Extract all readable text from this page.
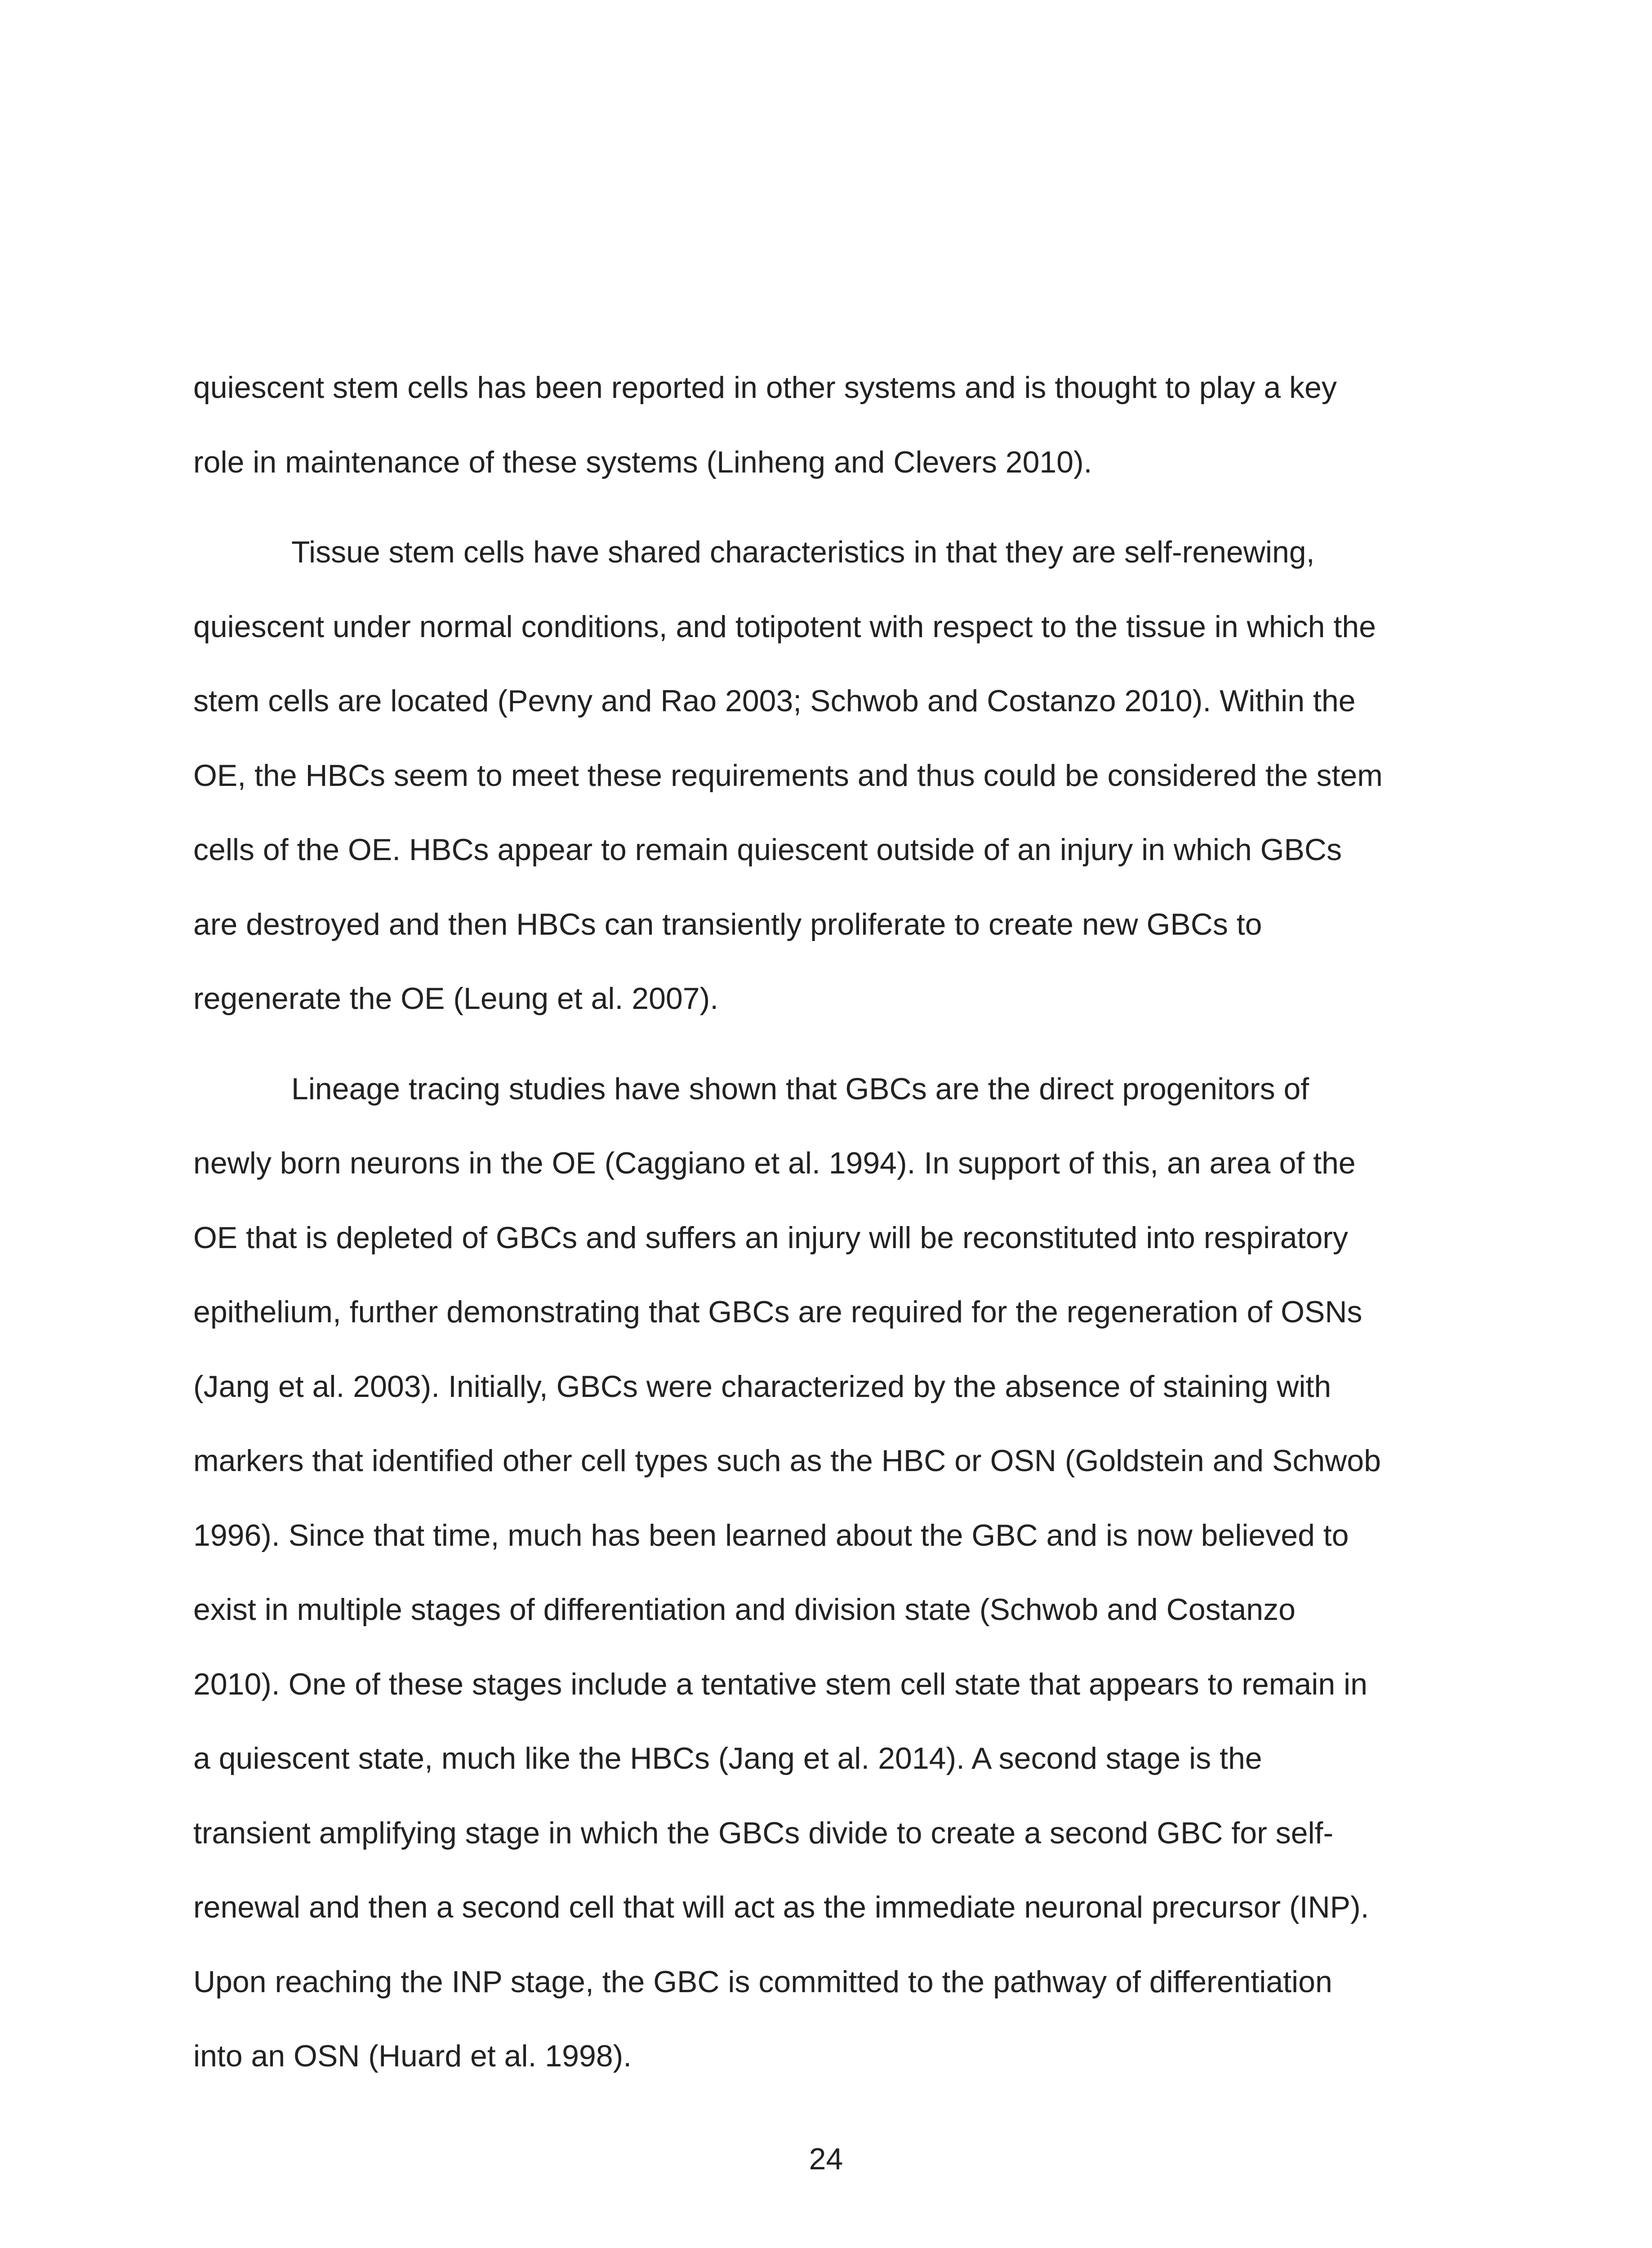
quiescent stem cells has been reported in other systems and is thought to play a key
role in maintenance of these systems (Linheng and Clevers 2010).
Tissue stem cells have shared characteristics in that they are self-renewing,
quiescent under normal conditions, and totipotent with respect to the tissue in which the
stem cells are located (Pevny and Rao 2003; Schwob and Costanzo 2010). Within the
OE, the HBCs seem to meet these requirements and thus could be considered the stem
cells of the OE. HBCs appear to remain quiescent outside of an injury in which GBCs
are destroyed and then HBCs can transiently proliferate to create new GBCs to
regenerate the OE (Leung et al. 2007).
Lineage tracing studies have shown that GBCs are the direct progenitors of
newly born neurons in the OE (Caggiano et al. 1994). In support of this, an area of the
OE that is depleted of GBCs and suffers an injury will be reconstituted into respiratory
epithelium, further demonstrating that GBCs are required for the regeneration of OSNs
(Jang et al. 2003). Initially, GBCs were characterized by the absence of staining with
markers that identified other cell types such as the HBC or OSN (Goldstein and Schwob
1996). Since that time, much has been learned about the GBC and is now believed to
exist in multiple stages of differentiation and division state (Schwob and Costanzo
2010). One of these stages include a tentative stem cell state that appears to remain in
a quiescent state, much like the HBCs (Jang et al. 2014). A second stage is the
transient amplifying stage in which the GBCs divide to create a second GBC for self-
renewal and then a second cell that will act as the immediate neuronal precursor (INP).
Upon reaching the INP stage, the GBC is committed to the pathway of differentiation
into an OSN (Huard et al. 1998).
24
